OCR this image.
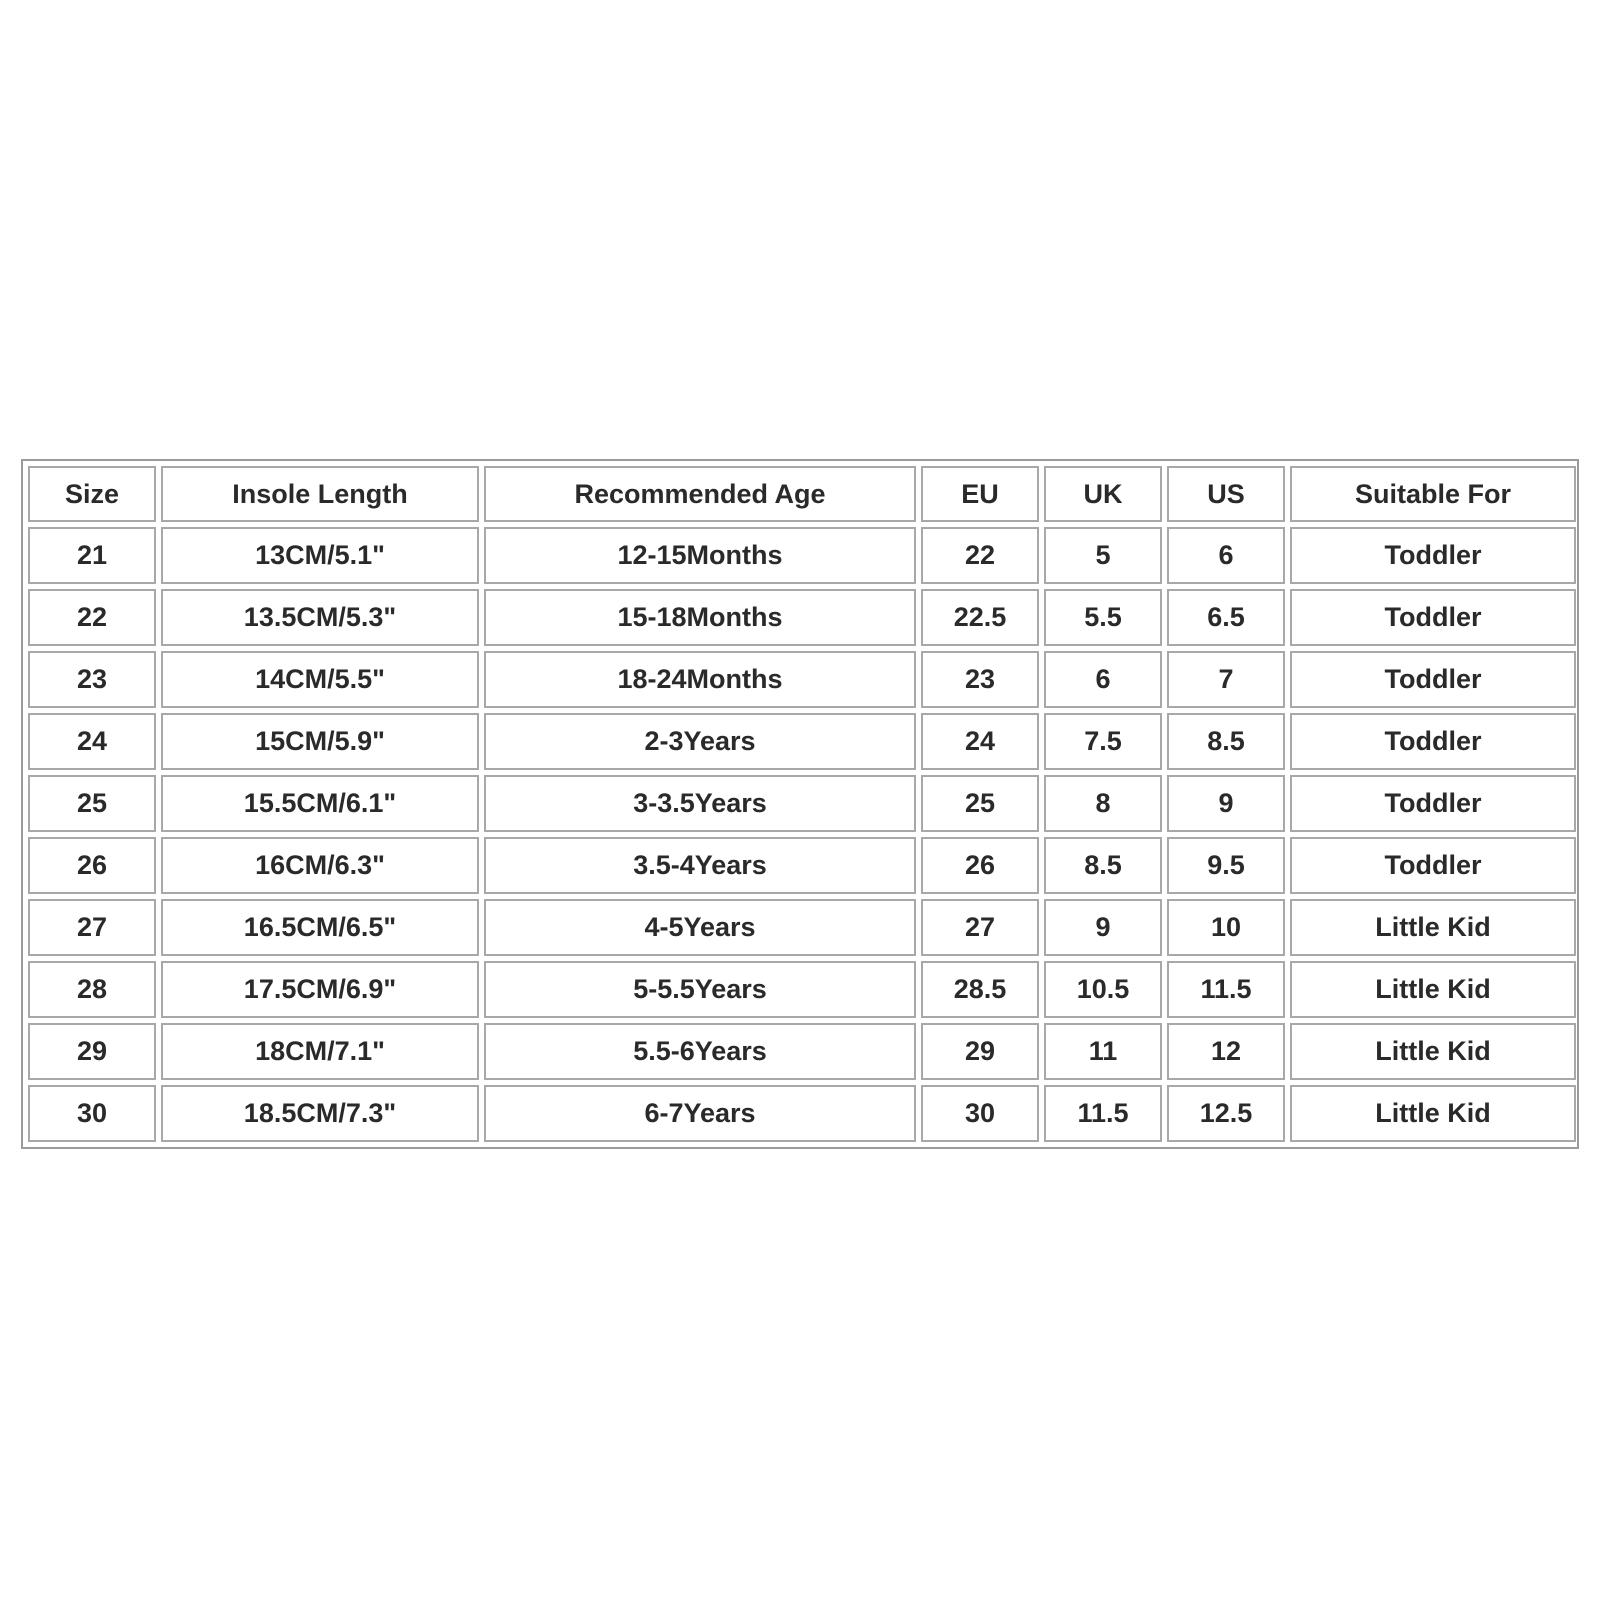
Size	Insole Length	Recommended Age	EU	UK	US	Suitable For
21	13CM/5.1"	12-15Months	22	5	6	Toddler
22	13.5CM/5.3"	15-18Months	22.5	5.5	6.5	Toddler
23	14CM/5.5"	18-24Months	23	6	7	Toddler
24	15CM/5.9"	2-3Years	24	7.5	8.5	Toddler
25	15.5CM/6.1"	3-3.5Years	25	8	9	Toddler
26	16CM/6.3"	3.5-4Years	26	8.5	9.5	Toddler
27	16.5CM/6.5"	4-5Years	27	9	10	Little Kid
28	17.5CM/6.9"	5-5.5Years	28.5	10.5	11.5	Little Kid
29	18CM/7.1"	5.5-6Years	29	11	12	Little Kid
30	18.5CM/7.3"	6-7Years	30	11.5	12.5	Little Kid
